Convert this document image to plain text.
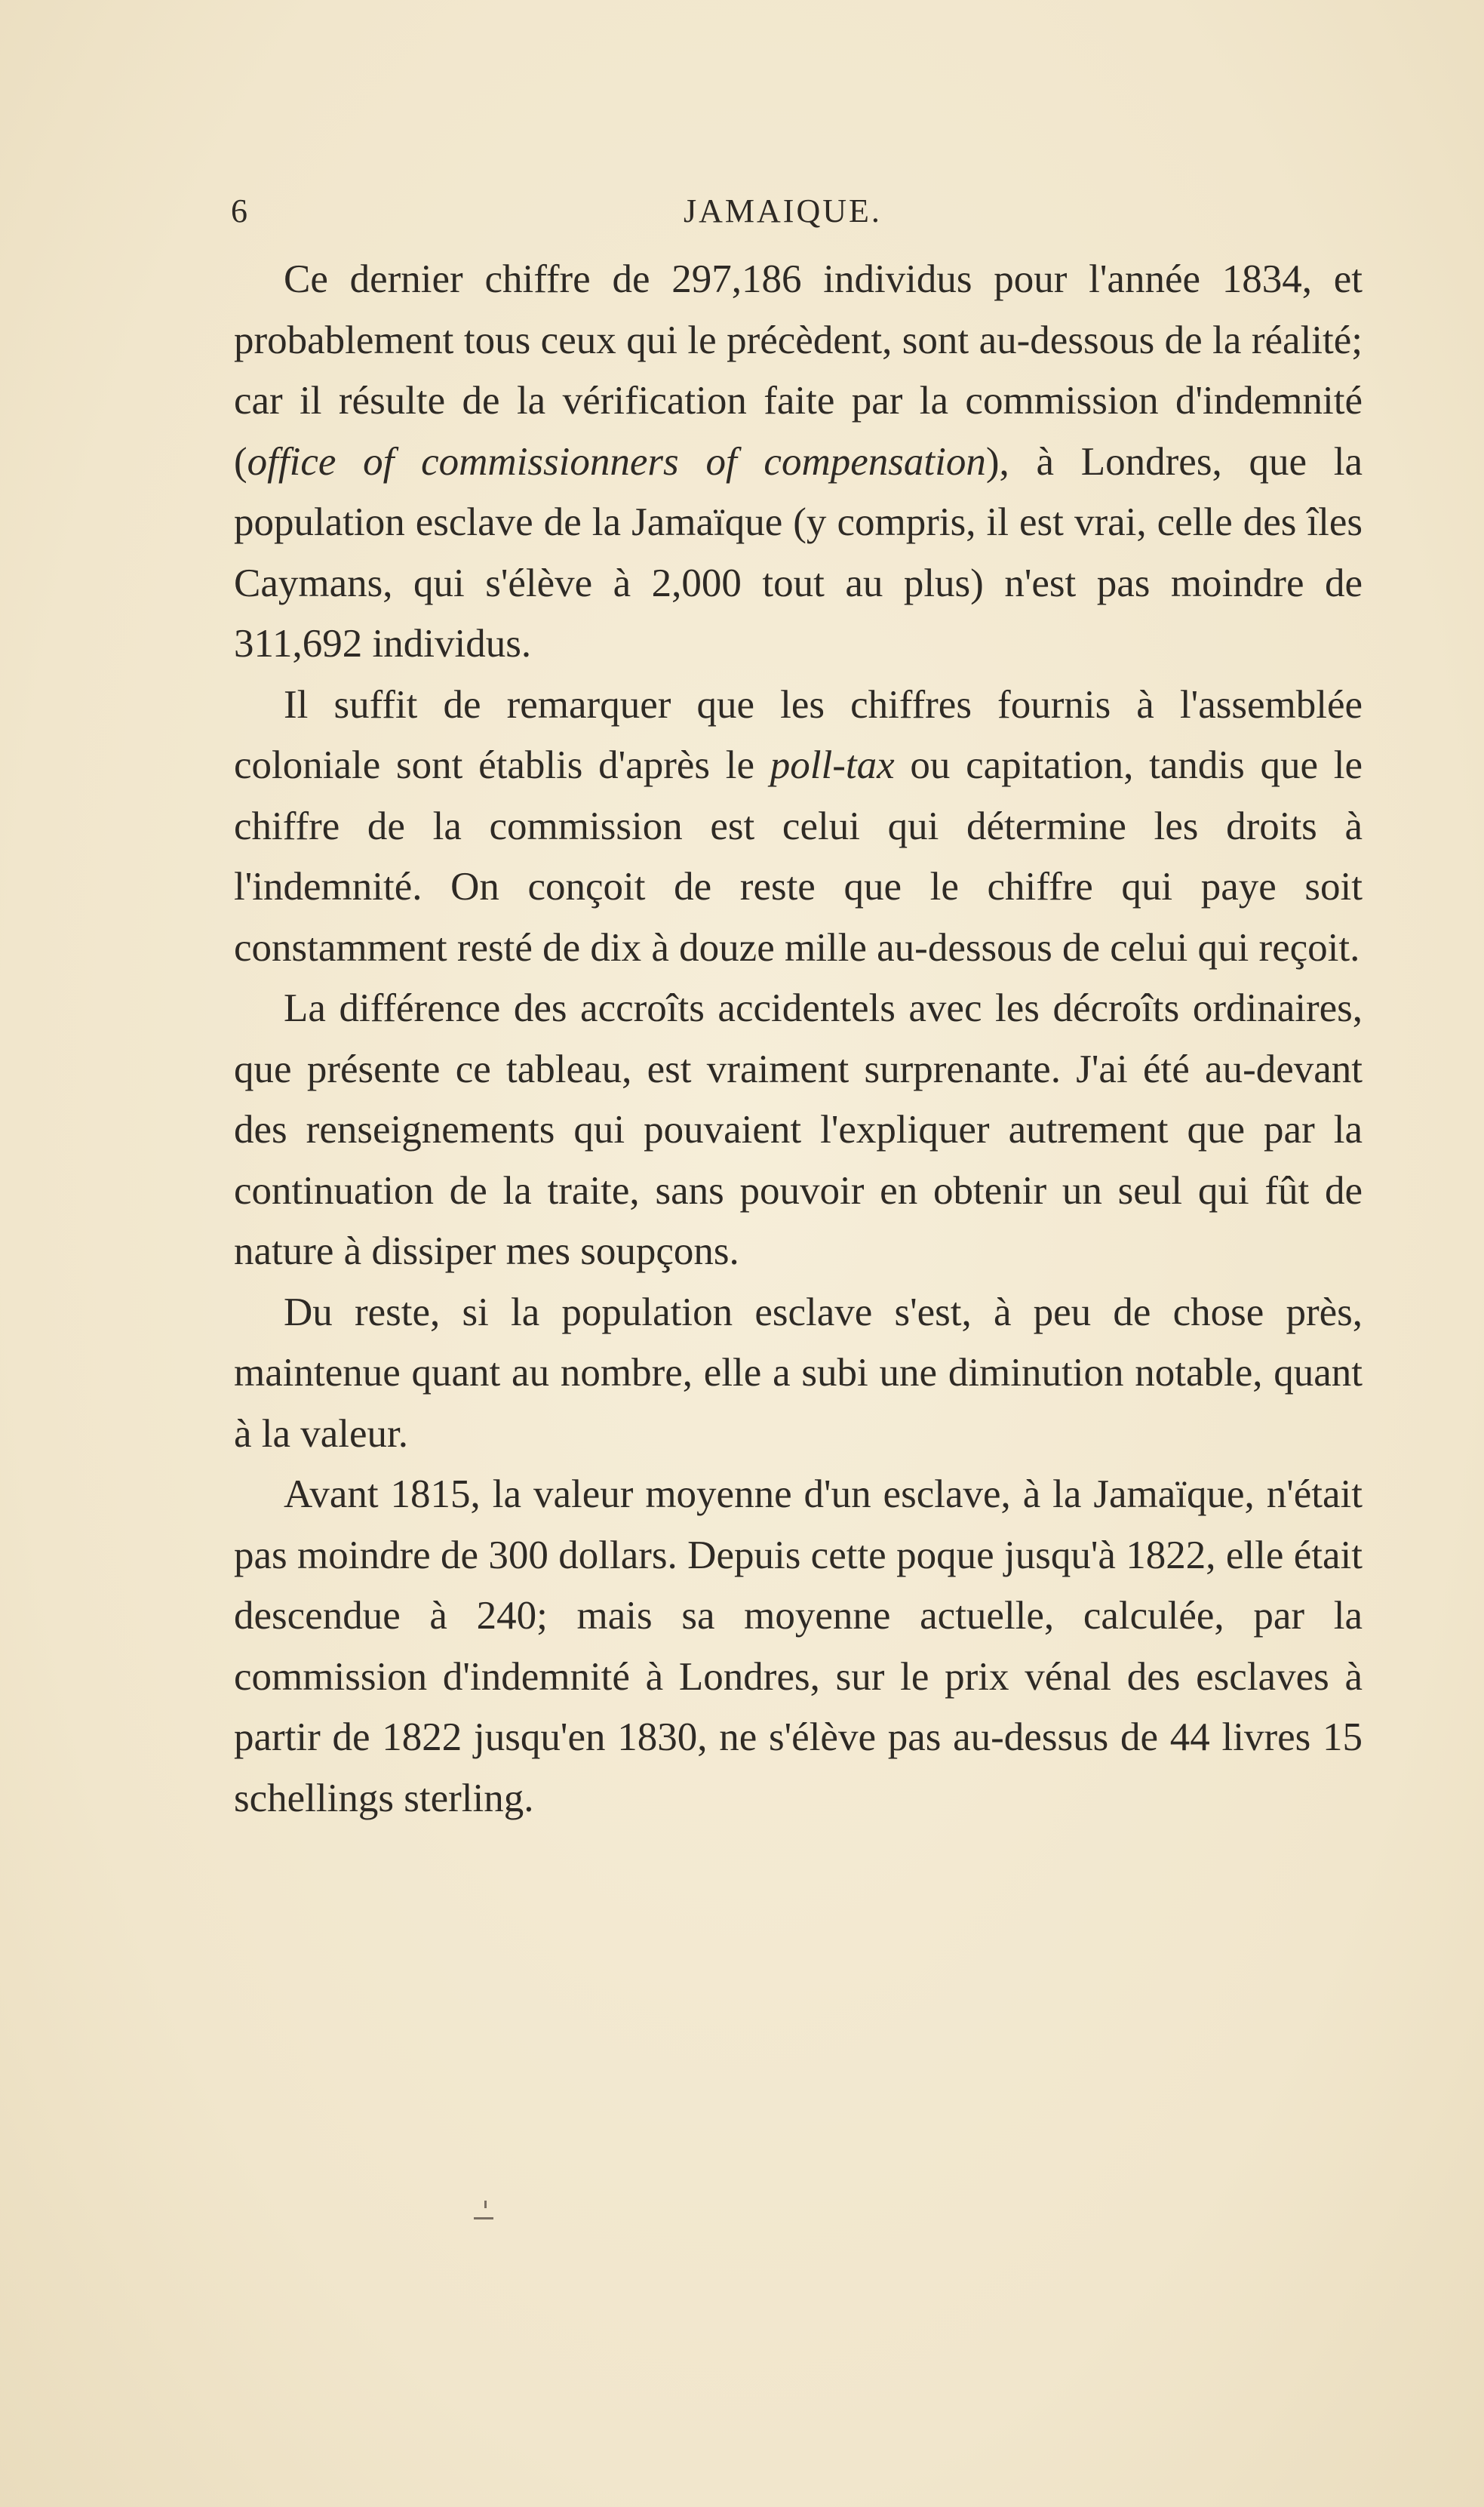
6	JAMAIQUE.

Ce dernier chiffre de 297,186 individus pour l'année 1834, et probablement tous ceux qui le précèdent, sont au-dessous de la réalité; car il résulte de la vérification faite par la commission d'indemnité (office of commissionners of compensation), à Londres, que la population esclave de la Jamaïque (y compris, il est vrai, celle des îles Caymans, qui s'élève à 2,000 tout au plus) n'est pas moindre de 311,692 individus.

Il suffit de remarquer que les chiffres fournis à l'assemblée coloniale sont établis d'après le poll-tax ou capitation, tandis que le chiffre de la commission est celui qui détermine les droits à l'indemnité. On conçoit de reste que le chiffre qui paye soit constamment resté de dix à douze mille au-dessous de celui qui reçoit.

La différence des accroîts accidentels avec les décroîts ordinaires, que présente ce tableau, est vraiment surprenante. J'ai été au-devant des renseignements qui pouvaient l'expliquer autrement que par la continuation de la traite, sans pouvoir en obtenir un seul qui fût de nature à dissiper mes soupçons.

Du reste, si la population esclave s'est, à peu de chose près, maintenue quant au nombre, elle a subi une diminution notable, quant à la valeur.

Avant 1815, la valeur moyenne d'un esclave, à la Jamaïque, n'était pas moindre de 300 dollars. Depuis cette poque jusqu'à 1822, elle était descendue à 240; mais sa moyenne actuelle, calculée, par la commission d'indemnité à Londres, sur le prix vénal des esclaves à partir de 1822 jusqu'en 1830, ne s'élève pas au-dessus de 44 livres 15 schellings sterling.
